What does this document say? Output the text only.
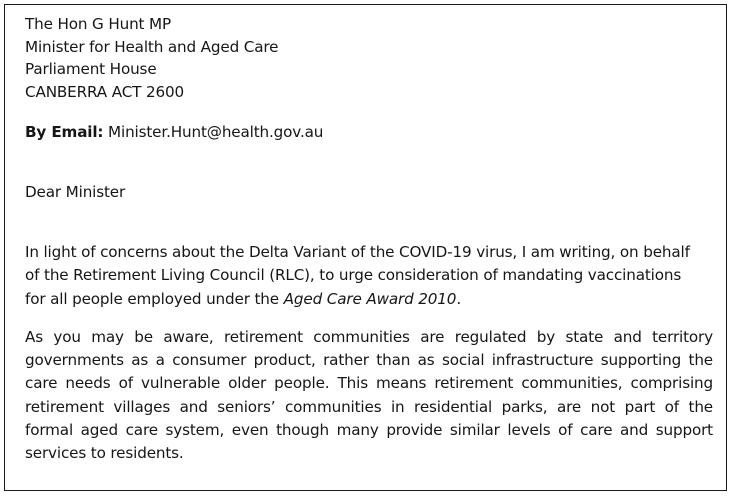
The Hon G Hunt MP
Minister for Health and Aged Care
Parliament House
CANBERRA ACT 2600
By Email: Minister.Hunt@health.gov.au
Dear Minister
In light of concerns about the Delta Variant of the COVID-19 virus, I am writing, on behalf
of the Retirement Living Council (RLC), to urge consideration of mandating vaccinations
for all people employed under the Aged Care Award 2010.
As you may be aware, retirement communities are regulated by state and territory
governments as a consumer product, rather than as social infrastructure supporting the
care needs of vulnerable older people. This means retirement communities, comprising
retirement villages and seniors’ communities in residential parks, are not part of the
formal aged care system, even though many provide similar levels of care and support
services to residents.
